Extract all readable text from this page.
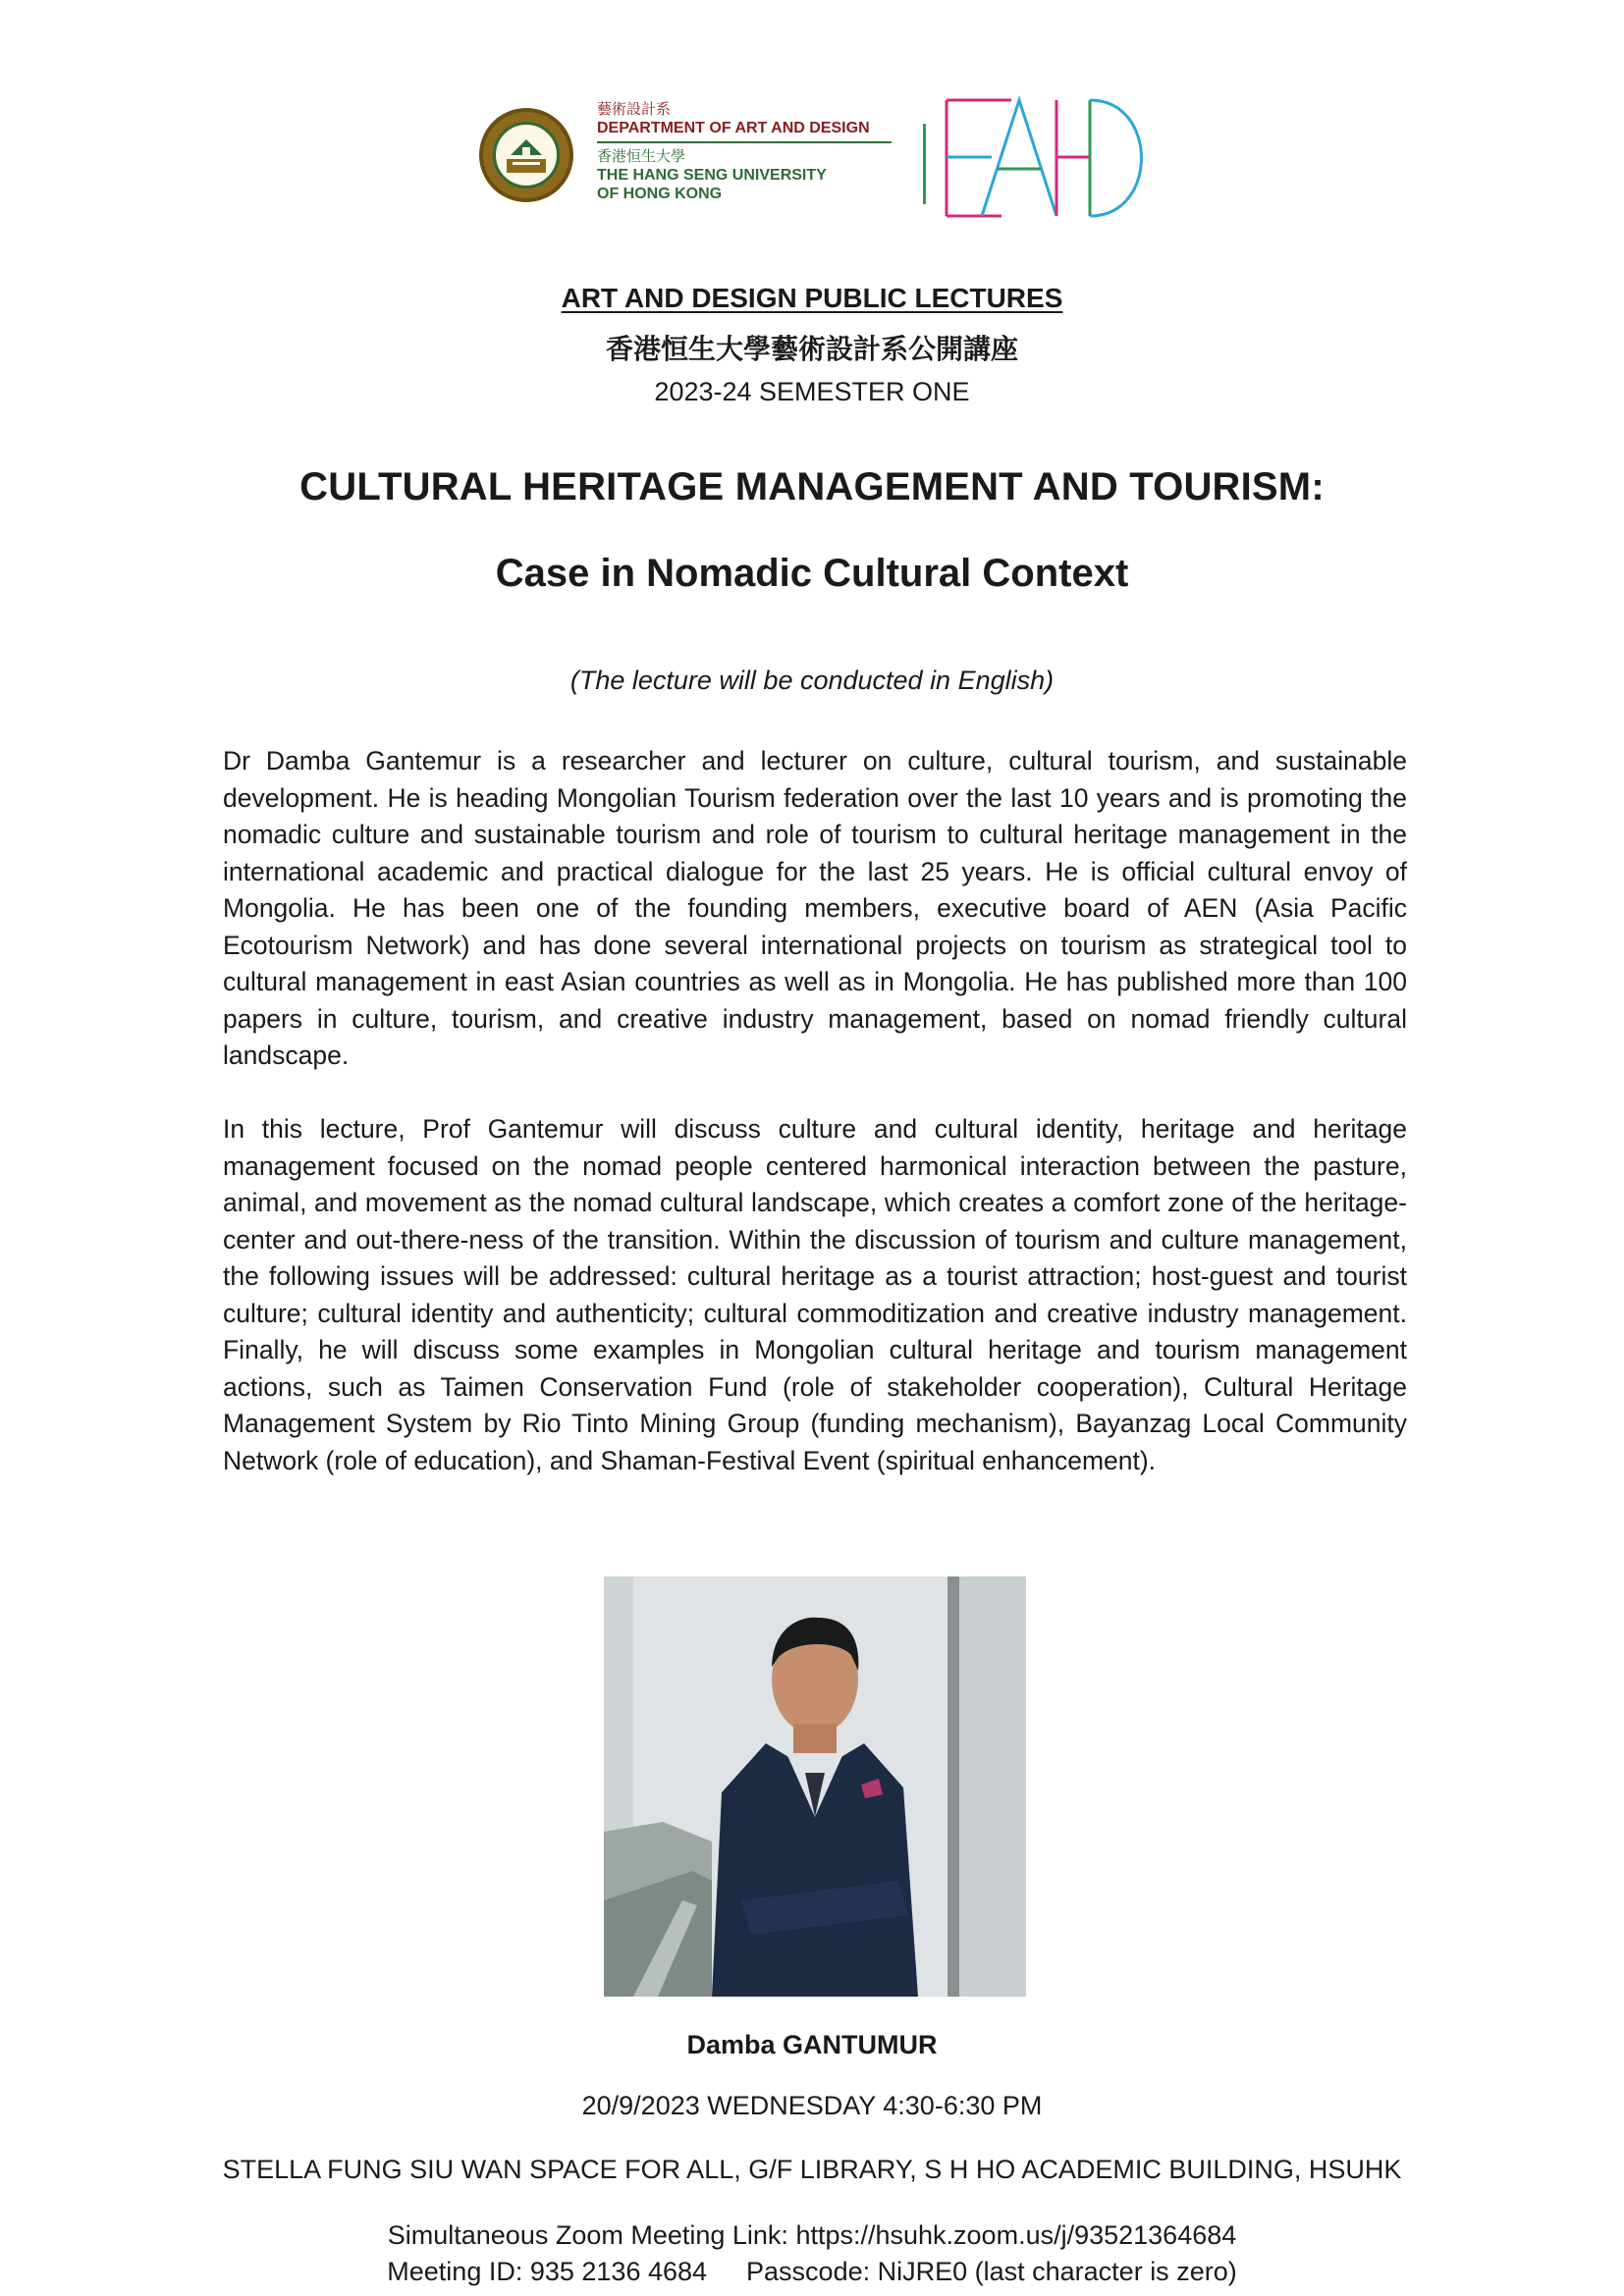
藝術設計系
DEPARTMENT OF ART AND DESIGN
香港恒生大學
THE HANG SENG UNIVERSITY
OF HONG KONG
ART AND DESIGN PUBLIC LECTURES
香港恒生大學藝術設計系公開講座
2023-24 SEMESTER ONE
CULTURAL HERITAGE MANAGEMENT AND TOURISM:
Case in Nomadic Cultural Context
(The lecture will be conducted in English)
Dr Damba Gantemur is a researcher and lecturer on culture, cultural tourism, and sustainable development. He is heading Mongolian Tourism federation over the last 10 years and is promoting the nomadic culture and sustainable tourism and role of tourism to cultural heritage management in the international academic and practical dialogue for the last 25 years. He is official cultural envoy of Mongolia. He has been one of the founding members, executive board of AEN (Asia Pacific Ecotourism Network) and has done several international projects on tourism as strategical tool to cultural management in east Asian countries as well as in Mongolia. He has published more than 100 papers in culture, tourism, and creative industry management, based on nomad friendly cultural landscape.
In this lecture, Prof Gantemur will discuss culture and cultural identity, heritage and heritage management focused on the nomad people centered harmonical interaction between the pasture, animal, and movement as the nomad cultural landscape, which creates a comfort zone of the heritage-center and out-there-ness of the transition. Within the discussion of tourism and culture management, the following issues will be addressed: cultural heritage as a tourist attraction; host-guest and tourist culture; cultural identity and authenticity; cultural commoditization and creative industry management. Finally, he will discuss some examples in Mongolian cultural heritage and tourism management actions, such as Taimen Conservation Fund (role of stakeholder cooperation), Cultural Heritage Management System by Rio Tinto Mining Group (funding mechanism), Bayanzag Local Community Network (role of education), and Shaman-Festival Event (spiritual enhancement).
Damba GANTUMUR
20/9/2023 WEDNESDAY 4:30-6:30 PM
STELLA FUNG SIU WAN SPACE FOR ALL, G/F LIBRARY, S H HO ACADEMIC BUILDING, HSUHK
Simultaneous Zoom Meeting Link: https://hsuhk.zoom.us/j/93521364684
Meeting ID: 935 2136 4684 Passcode: NiJRE0 (last character is zero)
